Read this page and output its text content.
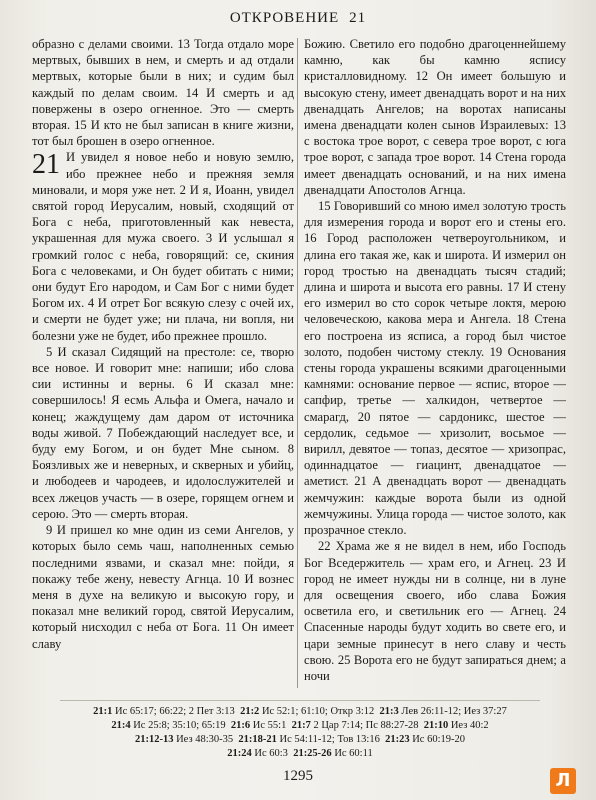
ОТКРОВЕНИЕ 21

образно с делами своими. 13 Тогда отдало море мертвых, бывших в нем, и смерть и ад отдали мертвых, которые были в них; и судим был каждый по делам своим. 14 И смерть и ад повержены в озеро огненное. Это — смерть вторая. 15 И кто не был записан в книге жизни, тот был брошен в озеро огненное.

21 И увидел я новое небо и новую землю, ибо прежнее небо и прежняя земля миновали, и моря уже нет. 2 И я, Иоанн, увидел святой город Иерусалим, новый, сходящий от Бога с неба, приготовленный как невеста, украшенная для мужа своего. 3 И услышал я громкий голос с неба, говорящий: се, скиния Бога с человеками, и Он будет обитать с ними; они будут Его народом, и Сам Бог с ними будет Богом их. 4 И отрет Бог всякую слезу с очей их, и смерти не будет уже; ни плача, ни вопля, ни болезни уже не будет, ибо прежнее прошло.

5 И сказал Сидящий на престоле: се, творю все новое. И говорит мне: напиши; ибо слова сии истинны и верны. 6 И сказал мне: совершилось! Я есмь Альфа и Омега, начало и конец; жаждущему дам даром от источника воды живой. 7 Побеждающий наследует все, и буду ему Богом, и он будет Мне сыном. 8 Боязливых же и неверных, и скверных и убийц, и любодеев и чародеев, и идолослужителей и всех лжецов участь — в озере, горящем огнем и серою. Это — смерть вторая.

9 И пришел ко мне один из семи Ангелов, у которых было семь чаш, наполненных семью последними язвами, и сказал мне: пойди, я покажу тебе жену, невесту Агнца. 10 И вознес меня в духе на великую и высокую гору, и показал мне великий город, святой Иерусалим, который нисходил с неба от Бога. 11 Он имеет славу

Божию. Светило его подобно драгоценнейшему камню, как бы камню яспису кристалловидному. 12 Он имеет большую и высокую стену, имеет двенадцать ворот и на них двенадцать Ангелов; на воротах написаны имена двенадцати колен сынов Израилевых: 13 с востока трое ворот, с севера трое ворот, с юга трое ворот, с запада трое ворот. 14 Стена города имеет двенадцать оснований, и на них имена двенадцати Апостолов Агнца.

15 Говоривший со мною имел золотую трость для измерения города и ворот его и стены его. 16 Город расположен четвероугольником, и длина его такая же, как и широта. И измерил он город тростью на двенадцать тысяч стадий; длина и широта и высота его равны. 17 И стену его измерил во сто сорок четыре локтя, мерою человеческою, какова мера и Ангела. 18 Стена его построена из ясписа, а город был чистое золото, подобен чистому стеклу. 19 Основания стены города украшены всякими драгоценными камнями: основание первое — яспис, второе — сапфир, третье — халкидон, четвертое — смарагд, 20 пятое — сардоникс, шестое — сердолик, седьмое — хризолит, восьмое — вирилл, девятое — топаз, десятое — хризопрас, одиннадцатое — гиацинт, двенадцатое — аметист. 21 А двенадцать ворот — двенадцать жемчужин: каждые ворота были из одной жемчужины. Улица города — чистое золото, как прозрачное стекло.

22 Храма же я не видел в нем, ибо Господь Бог Вседержитель — храм его, и Агнец. 23 И город не имеет нужды ни в солнце, ни в луне для освещения своего, ибо слава Божия осветила его, и светильник его — Агнец. 24 Спасенные народы будут ходить во свете его, и цари земные принесут в него славу и честь свою. 25 Ворота его не будут запираться днем; а ночи

21:1 Ис 65:17; 66:22; 2 Пет 3:13 21:2 Ис 52:1; 61:10; Откр 3:12 21:3 Лев 26:11-12; Иез 37:27
21:4 Ис 25:8; 35:10; 65:19 21:6 Ис 55:1 21:7 2 Цар 7:14; Пс 88:27-28 21:10 Иез 40:2
21:12-13 Иез 48:30-35 21:18-21 Ис 54:11-12; Тов 13:16 21:23 Ис 60:19-20
21:24 Ис 60:3 21:25-26 Ис 60:11
1295	Л
